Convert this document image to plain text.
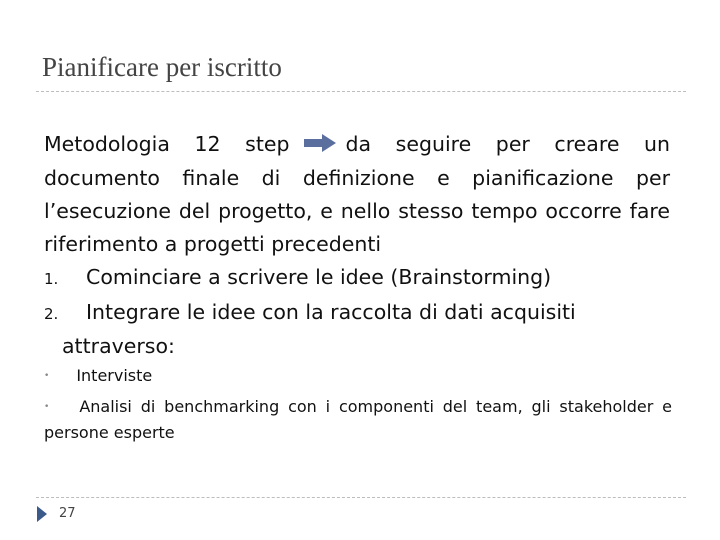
Pianificare per iscritto

Metodologia 12 step	da seguire per creare un documento finale di definizione e pianificazione per l’esecuzione del progetto, e nello stesso tempo occorre fare riferimento a progetti precedenti

1.	Cominciare a scrivere le idee (Brainstorming)
2.	Integrare le idee con la raccolta di dati acquisiti
attraverso:
• Interviste
• Analisi di benchmarking con i componenti del team, gli stakeholder e persone esperte
27
